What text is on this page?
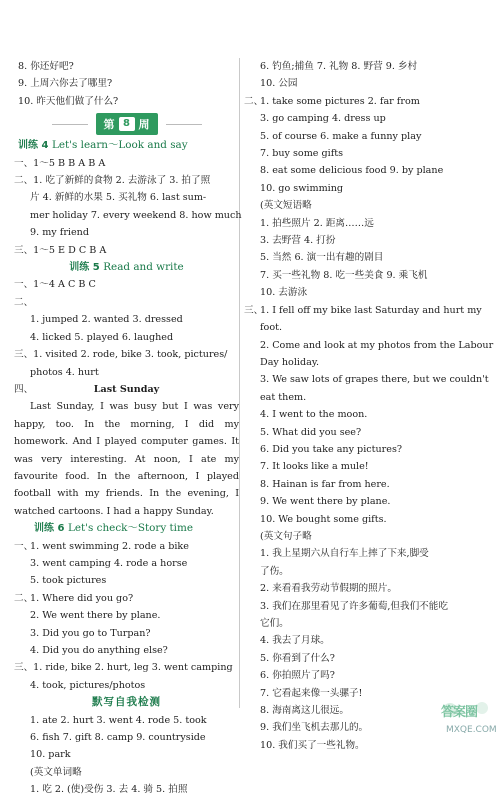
8. 你还好吧?
9. 上周六你去了哪里?
10. 昨天他们做了什么?
第 8 周
训练 4 Let's learn～Look and say
一、1～5 B B A B A
二、1. 吃了新鲜的食物 2. 去游泳了 3. 拍了照
片 4. 新鲜的水果 5. 买礼物 6. last sum-
mer holiday 7. every weekend 8. how much
9. my friend
三、1～5 E D C B A
训练 5 Read and write
一、1～4 A C B C
二、
1. jumped 2. wanted 3. dressed
4. licked 5. played 6. laughed
三、1. visited 2. rode, bike 3. took, pictures/
photos 4. hurt
四、	Last Sunday
Last Sunday, I was busy but I was very happy, too. In the morning, I did my homework. And I played computer games. It was very interesting. At noon, I ate my favourite food. In the afternoon, I played football with my friends. In the evening, I watched cartoons. I had a happy Sunday.
训练 6 Let's check～Story time
一、
1. went swimming 2. rode a bike
3. went camping 4. rode a horse
5. took pictures
二、
1. Where did you go?
2. We went there by plane.
3. Did you go to Turpan?
4. Did you do anything else?
三、1. ride, bike 2. hurt, leg 3. went camping
4. took, pictures/photos
默写自我检测
1. ate 2. hurt 3. went 4. rode 5. took
6. fish 7. gift 8. camp 9. countryside
10. park
(英文单词略
1. 吃 2. (使)受伤 3. 去 4. 骑 5. 拍照
6. 钓鱼;捕鱼 7. 礼物 8. 野营 9. 乡村
10. 公园
二、
1. take some pictures 2. far from
3. go camping 4. dress up
5. of course 6. make a funny play
7. buy some gifts
8. eat some delicious food 9. by plane
10. go swimming
(英文短语略
1. 拍些照片 2. 距离……远
3. 去野营 4. 打扮
5. 当然 6. 演一出有趣的剧目
7. 买一些礼物 8. 吃一些美食 9. 乘飞机
10. 去游泳
三、
1. I fell off my bike last Saturday and hurt my
foot.
2. Come and look at my photos from the Labour
Day holiday.
3. We saw lots of grapes there, but we couldn't
eat them.
4. I went to the moon.
5. What did you see?
6. Did you take any pictures?
7. It looks like a mule!
8. Hainan is far from here.
9. We went there by plane.
10. We bought some gifts.
(英文句子略
1. 我上星期六从自行车上摔了下来,脚受
了伤。
2. 来看看我劳动节假期的照片。
3. 我们在那里看见了许多葡萄,但我们不能吃
它们。
4. 我去了月球。
5. 你看到了什么?
6. 你拍照片了吗?
7. 它看起来像一头骡子!
8. 海南离这儿很远。
9. 我们坐飞机去那儿的。
10. 我们买了一些礼物。
答案圈
MXQE.COM
